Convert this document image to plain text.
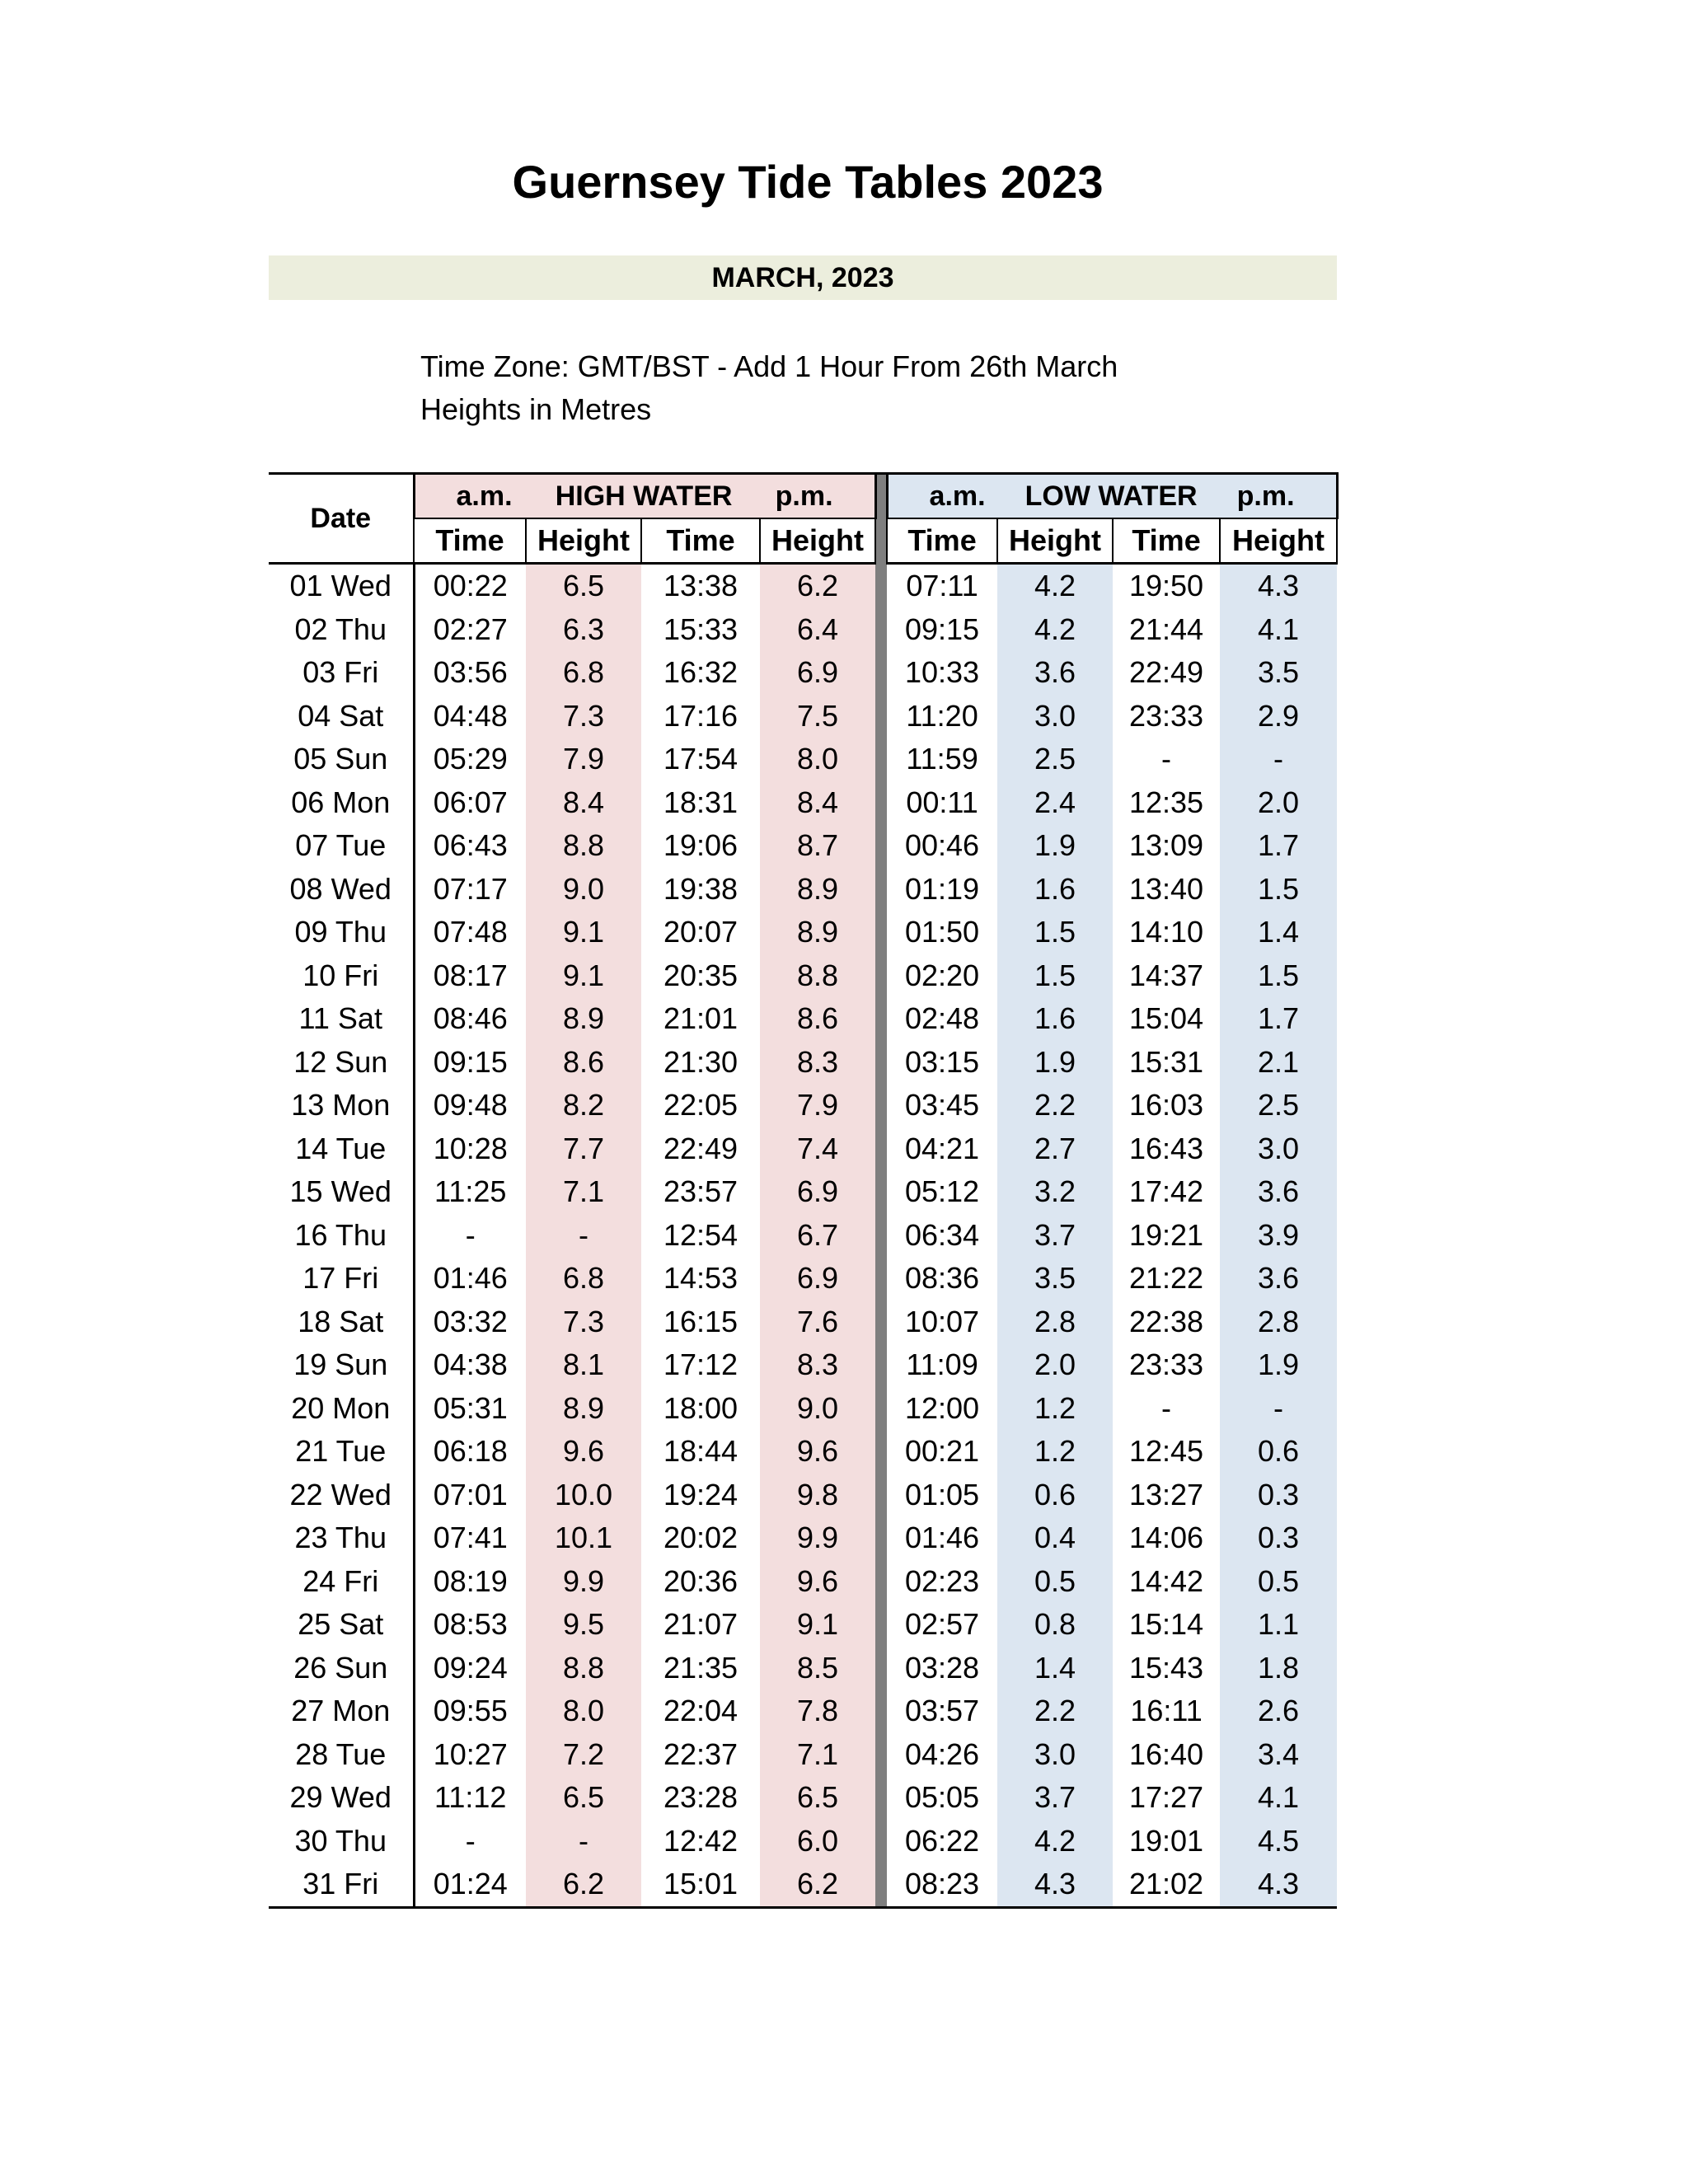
Guernsey Tide Tables 2023
MARCH, 2023
Time Zone: GMT/BST - Add 1 Hour From 26th March
Heights in Metres
Date	a.m. HIGH WATER p.m.					a.m. LOW WATER p.m.			

	Time	Height	Time	Height		Time	Height	Time	Height
01 Wed	00:22	6.5	13:38	6.2		07:11	4.2	19:50	4.3
02 Thu	02:27	6.3	15:33	6.4		09:15	4.2	21:44	4.1
03 Fri	03:56	6.8	16:32	6.9		10:33	3.6	22:49	3.5
04 Sat	04:48	7.3	17:16	7.5		11:20	3.0	23:33	2.9
05 Sun	05:29	7.9	17:54	8.0		11:59	2.5	-	-
06 Mon	06:07	8.4	18:31	8.4		00:11	2.4	12:35	2.0
07 Tue	06:43	8.8	19:06	8.7		00:46	1.9	13:09	1.7
08 Wed	07:17	9.0	19:38	8.9		01:19	1.6	13:40	1.5
09 Thu	07:48	9.1	20:07	8.9		01:50	1.5	14:10	1.4
10 Fri	08:17	9.1	20:35	8.8		02:20	1.5	14:37	1.5
11 Sat	08:46	8.9	21:01	8.6		02:48	1.6	15:04	1.7
12 Sun	09:15	8.6	21:30	8.3		03:15	1.9	15:31	2.1
13 Mon	09:48	8.2	22:05	7.9		03:45	2.2	16:03	2.5
14 Tue	10:28	7.7	22:49	7.4		04:21	2.7	16:43	3.0
15 Wed	11:25	7.1	23:57	6.9		05:12	3.2	17:42	3.6
16 Thu	-	-	12:54	6.7		06:34	3.7	19:21	3.9
17 Fri	01:46	6.8	14:53	6.9		08:36	3.5	21:22	3.6
18 Sat	03:32	7.3	16:15	7.6		10:07	2.8	22:38	2.8
19 Sun	04:38	8.1	17:12	8.3		11:09	2.0	23:33	1.9
20 Mon	05:31	8.9	18:00	9.0		12:00	1.2	-	-
21 Tue	06:18	9.6	18:44	9.6		00:21	1.2	12:45	0.6
22 Wed	07:01	10.0	19:24	9.8		01:05	0.6	13:27	0.3
23 Thu	07:41	10.1	20:02	9.9		01:46	0.4	14:06	0.3
24 Fri	08:19	9.9	20:36	9.6		02:23	0.5	14:42	0.5
25 Sat	08:53	9.5	21:07	9.1		02:57	0.8	15:14	1.1
26 Sun	09:24	8.8	21:35	8.5		03:28	1.4	15:43	1.8
27 Mon	09:55	8.0	22:04	7.8		03:57	2.2	16:11	2.6
28 Tue	10:27	7.2	22:37	7.1		04:26	3.0	16:40	3.4
29 Wed	11:12	6.5	23:28	6.5		05:05	3.7	17:27	4.1
30 Thu	-	-	12:42	6.0		06:22	4.2	19:01	4.5
31 Fri	01:24	6.2	15:01	6.2		08:23	4.3	21:02	4.3
